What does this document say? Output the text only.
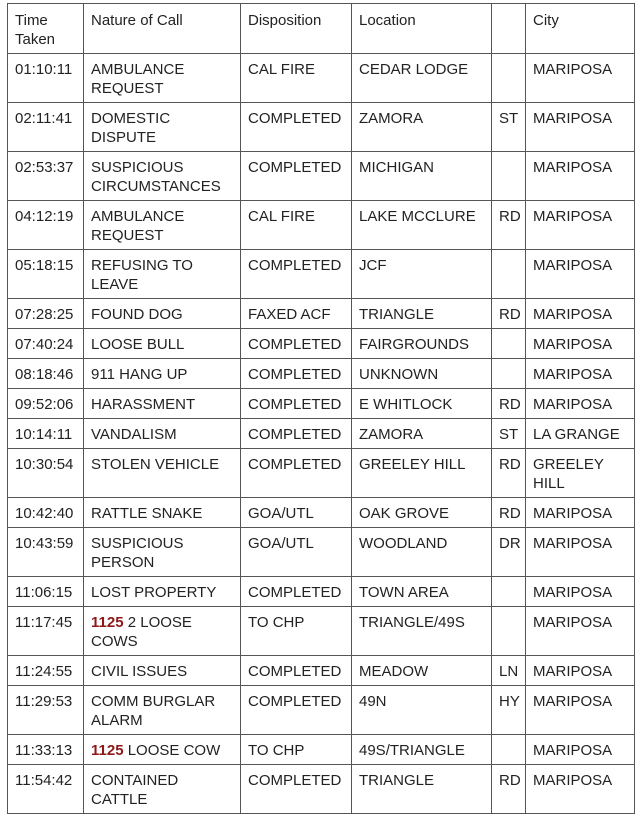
Time Taken	Nature of Call	Disposition	Location		City
01:10:11	AMBULANCE REQUEST	CAL FIRE	CEDAR LODGE		MARIPOSA
02:11:41	DOMESTIC DISPUTE	COMPLETED	ZAMORA	ST	MARIPOSA
02:53:37	SUSPICIOUS CIRCUMSTANCES	COMPLETED	MICHIGAN		MARIPOSA
04:12:19	AMBULANCE REQUEST	CAL FIRE	LAKE MCCLURE	RD	MARIPOSA
05:18:15	REFUSING TO LEAVE	COMPLETED	JCF		MARIPOSA
07:28:25	FOUND DOG	FAXED ACF	TRIANGLE	RD	MARIPOSA
07:40:24	LOOSE BULL	COMPLETED	FAIRGROUNDS		MARIPOSA
08:18:46	911 HANG UP	COMPLETED	UNKNOWN		MARIPOSA
09:52:06	HARASSMENT	COMPLETED	E WHITLOCK	RD	MARIPOSA
10:14:11	VANDALISM	COMPLETED	ZAMORA	ST	LA GRANGE
10:30:54	STOLEN VEHICLE	COMPLETED	GREELEY HILL	RD	GREELEY HILL
10:42:40	RATTLE SNAKE	GOA/UTL	OAK GROVE	RD	MARIPOSA
10:43:59	SUSPICIOUS PERSON	GOA/UTL	WOODLAND	DR	MARIPOSA
11:06:15	LOST PROPERTY	COMPLETED	TOWN AREA		MARIPOSA
11:17:45	1125 2 LOOSE COWS	TO CHP	TRIANGLE/49S		MARIPOSA
11:24:55	CIVIL ISSUES	COMPLETED	MEADOW	LN	MARIPOSA
11:29:53	COMM BURGLAR ALARM	COMPLETED	49N	HY	MARIPOSA
11:33:13	1125 LOOSE COW	TO CHP	49S/TRIANGLE		MARIPOSA
11:54:42	CONTAINED CATTLE	COMPLETED	TRIANGLE	RD	MARIPOSA
